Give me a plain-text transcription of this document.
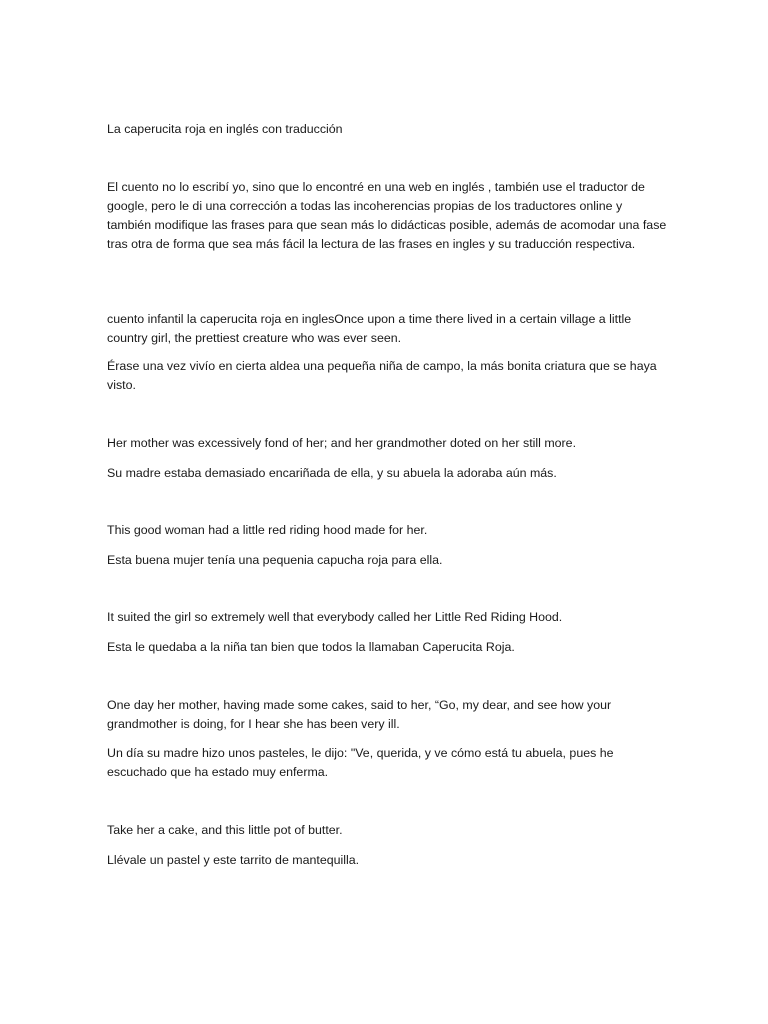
La caperucita roja en inglés con traducción

El cuento no lo escribí yo, sino que lo encontré en una web en inglés , también use el traductor de google, pero le di una corrección a todas las incoherencias propias de los traductores online y también modifique las frases para que sean más lo didácticas posible, además de acomodar una fase tras otra de forma que sea más fácil la lectura de las frases en ingles y su traducción respectiva.

cuento infantil la caperucita roja en inglesOnce upon a time there lived in a certain village a little country girl, the prettiest creature who was ever seen.

Érase una vez vivío en cierta aldea una pequeña niña de campo, la más bonita criatura que se haya visto.

Her mother was excessively fond of her; and her grandmother doted on her still more.

Su madre estaba demasiado encariñada de ella, y su abuela la adoraba aún más.

This good woman had a little red riding hood made for her.

Esta buena mujer tenía una pequenia capucha roja para ella.

It suited the girl so extremely well that everybody called her Little Red Riding Hood.

Esta le quedaba a la niña tan bien que todos la llamaban Caperucita Roja.

One day her mother, having made some cakes, said to her, “Go, my dear, and see how your grandmother is doing, for I hear she has been very ill.

Un día su madre hizo unos pasteles, le dijo: "Ve, querida, y ve cómo está tu abuela, pues he escuchado que ha estado muy enferma.

Take her a cake, and this little pot of butter.

Llévale un pastel y este tarrito de mantequilla.
